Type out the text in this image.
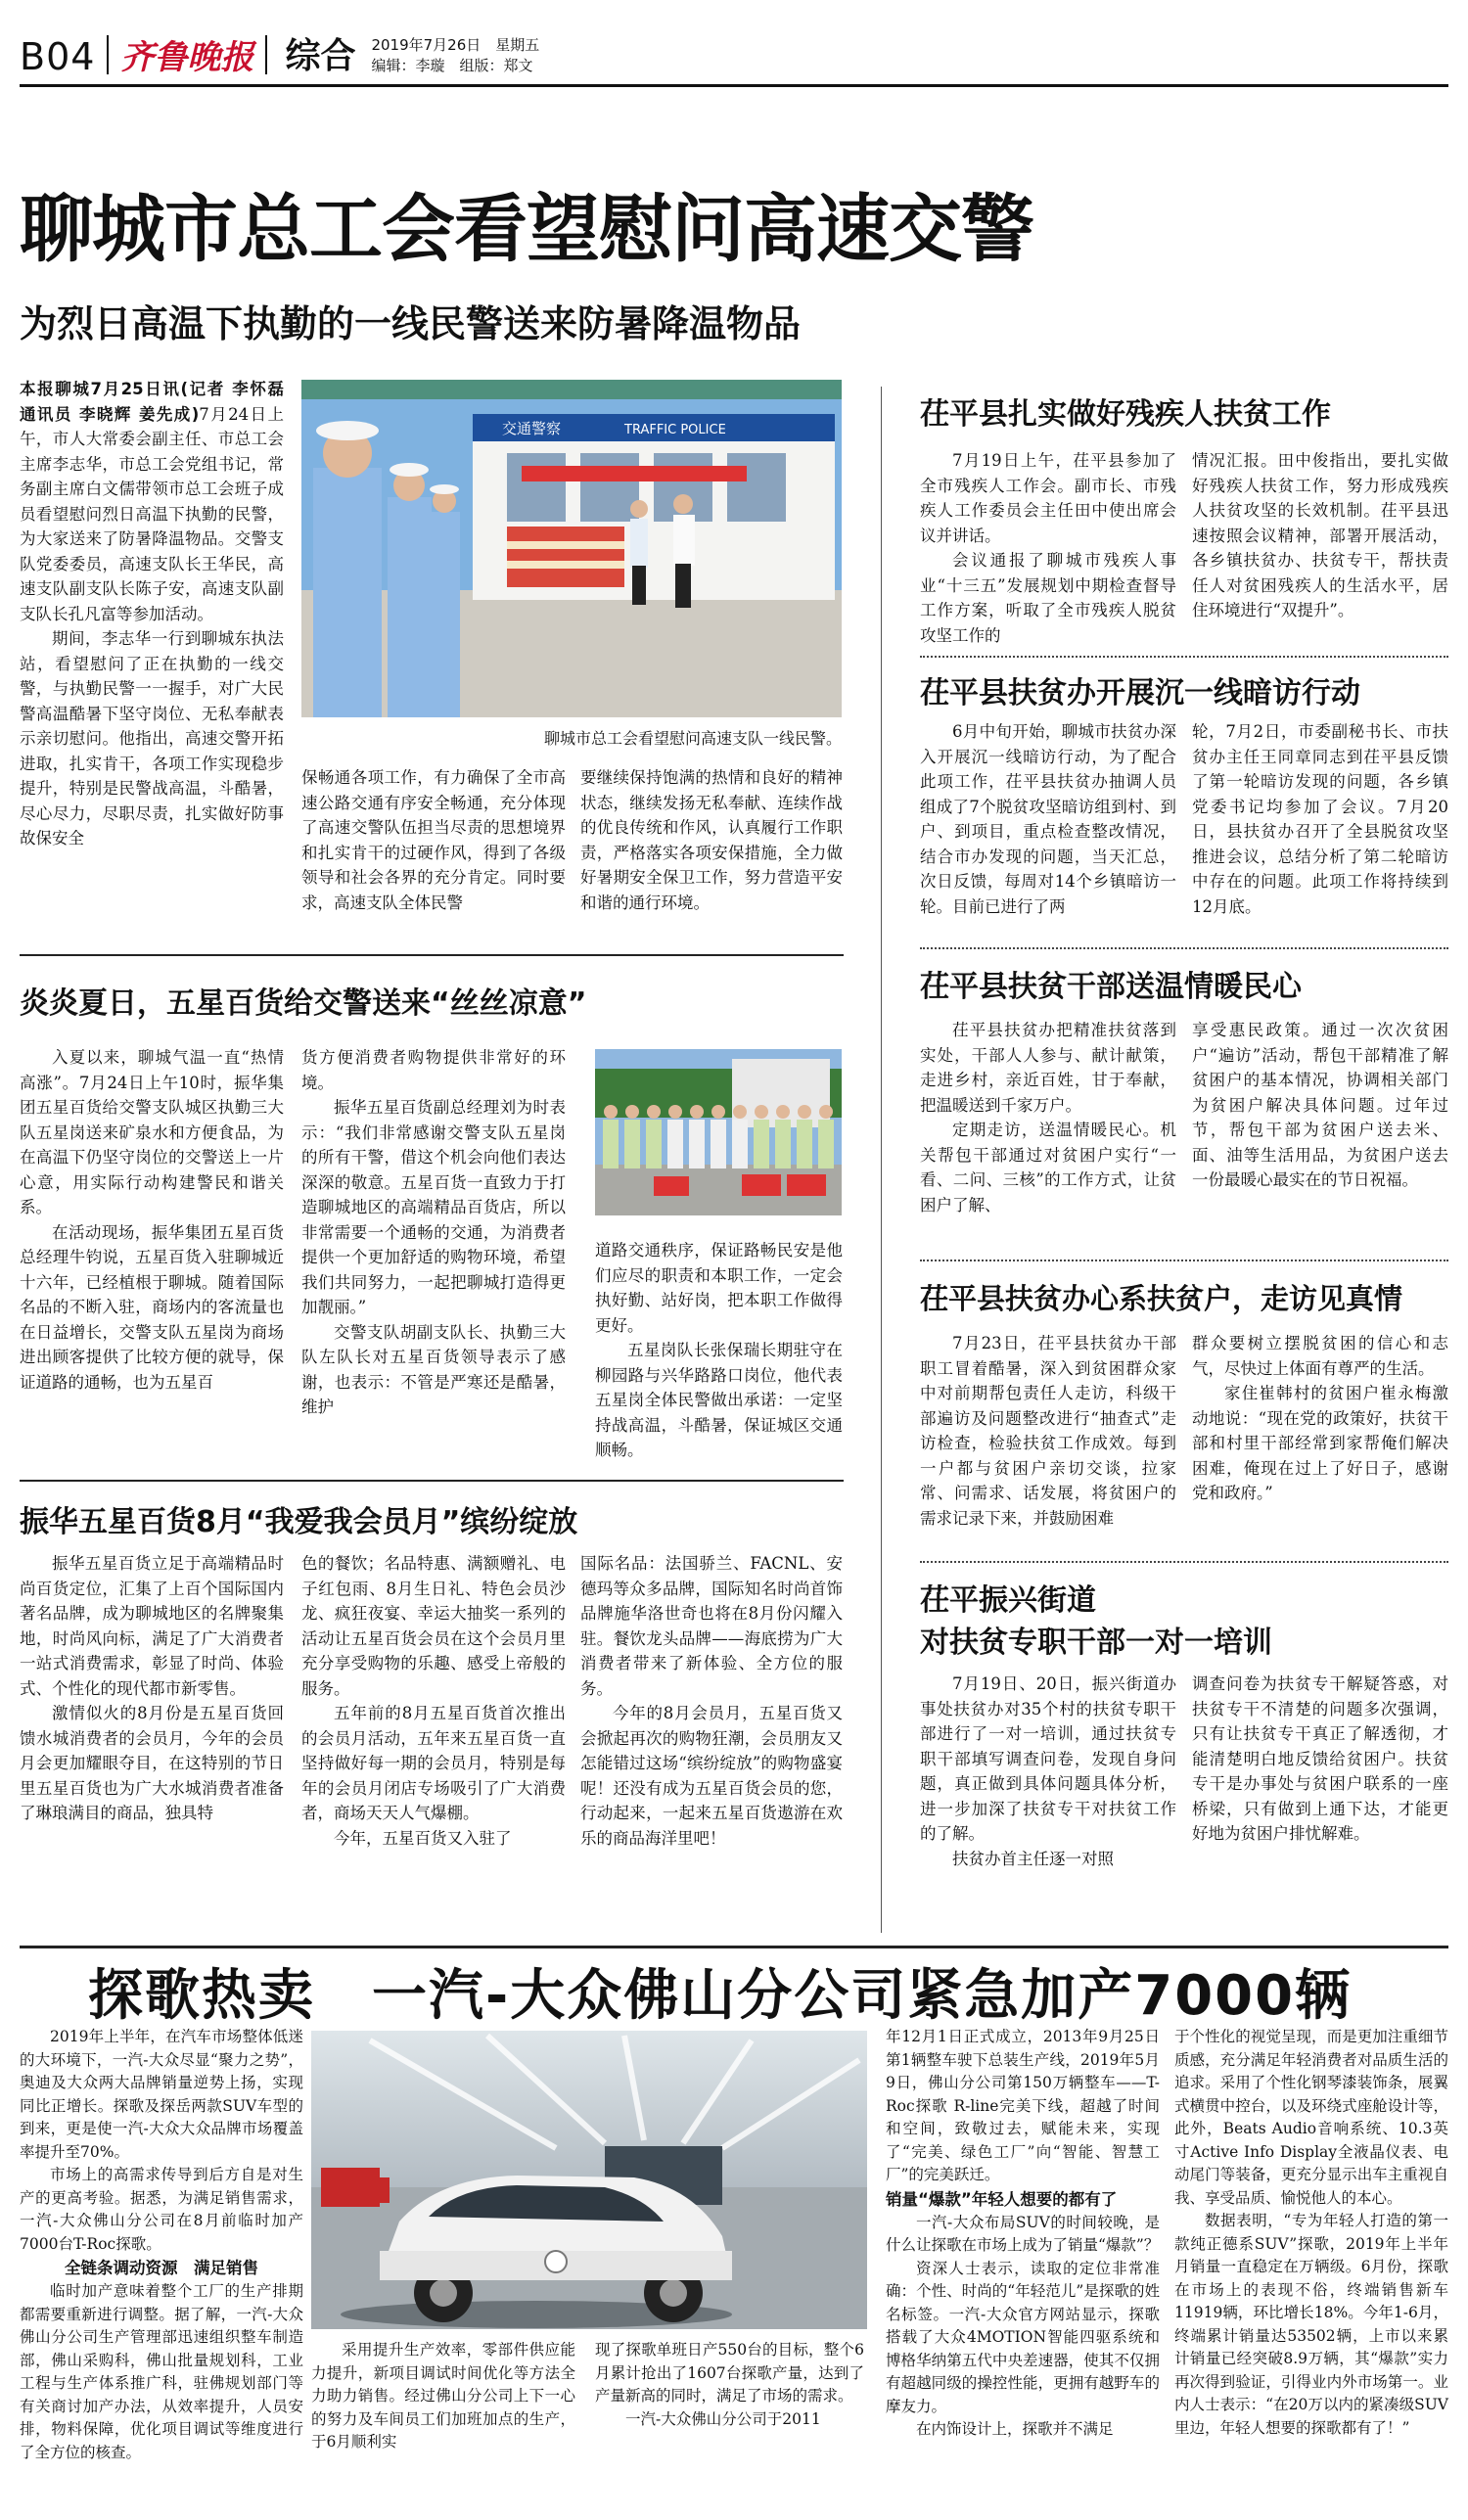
B04 齐鲁晚报 综合 2019年7月26日　星期五
编辑：李璇　组版：郑文
聊城市总工会看望慰问高速交警
为烈日高温下执勤的一线民警送来防暑降温物品
本报聊城7月25日讯(记者 李怀磊　通讯员 李晓辉 姜先成)7月24日上午，市人大常委会副主任、市总工会主席李志华，市总工会党组书记，常务副主席白文儒带领市总工会班子成员看望慰问烈日高温下执勤的民警，为大家送来了防暑降温物品。交警支队党委委员，高速支队长王华民，高速支队副支队长陈子安，高速支队副支队长孔凡富等参加活动。

期间，李志华一行到聊城东执法站，看望慰问了正在执勤的一线交警，与执勤民警一一握手，对广大民警高温酷暑下坚守岗位、无私奉献表示亲切慰问。他指出，高速交警开拓进取，扎实肯干，各项工作实现稳步提升，特别是民警战高温，斗酷暑，尽心尽力，尽职尽责，扎实做好防事故保安全

交通警察	TRAFFIC POLICE
聊城市总工会看望慰问高速支队一线民警。
保畅通各项工作，有力确保了全市高速公路交通有序安全畅通，充分体现了高速交警队伍担当尽责的思想境界和扎实肯干的过硬作风，得到了各级领导和社会各界的充分肯定。同时要求，高速支队全体民警
要继续保持饱满的热情和良好的精神状态，继续发扬无私奉献、连续作战的优良传统和作风，认真履行工作职责，严格落实各项安保措施，全力做好暑期安全保卫工作，努力营造平安和谐的通行环境。
炎炎夏日，五星百货给交警送来“丝丝凉意”

入夏以来，聊城气温一直“热情高涨”。7月24日上午10时，振华集团五星百货给交警支队城区执勤三大队五星岗送来矿泉水和方便食品，为在高温下仍坚守岗位的交警送上一片心意，用实际行动构建警民和谐关系。

在活动现场，振华集团五星百货总经理牛钧说，五星百货入驻聊城近十六年，已经植根于聊城。随着国际名品的不断入驻，商场内的客流量也在日益增长，交警支队五星岗为商场进出顾客提供了比较方便的就导，保证道路的通畅，也为五星百

货方便消费者购物提供非常好的环境。

振华五星百货副总经理刘为时表示：“我们非常感谢交警支队五星岗的所有干警，借这个机会向他们表达深深的敬意。五星百货一直致力于打造聊城地区的高端精品百货店，所以非常需要一个通畅的交通，为消费者提供一个更加舒适的购物环境，希望我们共同努力，一起把聊城打造得更加靓丽。”

交警支队胡副支队长、执勤三大队左队长对五星百货领导表示了感谢，也表示：不管是严寒还是酷暑，维护

道路交通秩序，保证路畅民安是他们应尽的职责和本职工作，一定会执好勤、站好岗，把本职工作做得更好。

五星岗队长张保瑞长期驻守在柳园路与兴华路路口岗位，他代表五星岗全体民警做出承诺：一定坚持战高温，斗酷暑，保证城区交通顺畅。

振华五星百货8月“我爱我会员月”缤纷绽放

振华五星百货立足于高端精品时尚百货定位，汇集了上百个国际国内著名品牌，成为聊城地区的名牌聚集地，时尚风向标，满足了广大消费者一站式消费需求，彰显了时尚、体验式、个性化的现代都市新零售。

激情似火的8月份是五星百货回馈水城消费者的会员月，今年的会员月会更加耀眼夺目，在这特别的节日里五星百货也为广大水城消费者准备了琳琅满目的商品，独具特

色的餐饮；名品特惠、满额赠礼、电子红包雨、8月生日礼、特色会员沙龙、疯狂夜宴、幸运大抽奖一系列的活动让五星百货会员在这个会员月里充分享受购物的乐趣、感受上帝般的服务。

五年前的8月五星百货首次推出的会员月活动，五年来五星百货一直坚持做好每一期的会员月，特别是每年的会员月闭店专场吸引了广大消费者，商场天天人气爆棚。

今年，五星百货又入驻了

国际名品：法国骄兰、FACNL、安德玛等众多品牌，国际知名时尚首饰品牌施华洛世奇也将在8月份闪耀入驻。餐饮龙头品牌——海底捞为广大消费者带来了新体验、全方位的服务。

今年的8月会员月，五星百货又会掀起再次的购物狂潮，会员朋友又怎能错过这场“缤纷绽放”的购物盛宴呢！还没有成为五星百货会员的您，行动起来，一起来五星百货遨游在欢乐的商品海洋里吧！

茌平县扎实做好残疾人扶贫工作

7月19日上午，茌平县参加了全市残疾人工作会。副市长、市残疾人工作委员会主任田中使出席会议并讲话。

会议通报了聊城市残疾人事业“十三五”发展规划中期检查督导工作方案，听取了全市残疾人脱贫攻坚工作的

情况汇报。田中俊指出，要扎实做好残疾人扶贫工作，努力形成残疾人扶贫攻坚的长效机制。茌平县迅速按照会议精神，部署开展活动，各乡镇扶贫办、扶贫专干，帮扶责任人对贫困残疾人的生活水平，居住环境进行“双提升”。
茌平县扶贫办开展沉一线暗访行动

6月中旬开始，聊城市扶贫办深入开展沉一线暗访行动，为了配合此项工作，茌平县扶贫办抽调人员组成了7个脱贫攻坚暗访组到村、到户、到项目，重点检查整改情况，结合市办发现的问题，当天汇总，次日反馈，每周对14个乡镇暗访一轮。目前已进行了两

轮，7月2日，市委副秘书长、市扶贫办主任王同章同志到茌平县反馈了第一轮暗访发现的问题，各乡镇党委书记均参加了会议。7月20日，县扶贫办召开了全县脱贫攻坚推进会议，总结分析了第二轮暗访中存在的问题。此项工作将持续到12月底。
茌平县扶贫干部送温情暖民心

茌平县扶贫办把精准扶贫落到实处，干部人人参与、献计献策，走进乡村，亲近百姓，甘于奉献，把温暖送到千家万户。

定期走访，送温情暖民心。机关帮包干部通过对贫困户实行“一看、二问、三核”的工作方式，让贫困户了解、

享受惠民政策。通过一次次贫困户“遍访”活动，帮包干部精准了解贫困户的基本情况，协调相关部门为贫困户解决具体问题。过年过节，帮包干部为贫困户送去米、面、油等生活用品，为贫困户送去一份最暖心最实在的节日祝福。
茌平县扶贫办心系扶贫户，走访见真情

7月23日，茌平县扶贫办干部职工冒着酷暑，深入到贫困群众家中对前期帮包责任人走访，科级干部遍访及问题整改进行“抽查式”走访检查，检验扶贫工作成效。每到一户都与贫困户亲切交谈，拉家常、问需求、话发展，将贫困户的需求记录下来，并鼓励困难

群众要树立摆脱贫困的信心和志气，尽快过上体面有尊严的生活。

家住崔韩村的贫困户崔永梅激动地说：“现在党的政策好，扶贫干部和村里干部经常到家帮俺们解决困难，俺现在过上了好日子，感谢党和政府。”

茌平振兴街道
对扶贫专职干部一对一培训

7月19日、20日，振兴街道办事处扶贫办对35个村的扶贫专职干部进行了一对一培训，通过扶贫专职干部填写调查问卷，发现自身问题，真正做到具体问题具体分析，进一步加深了扶贫专干对扶贫工作的了解。

扶贫办首主任逐一对照

调查问卷为扶贫专干解疑答惑，对扶贫专干不清楚的问题多次强调，只有让扶贫专干真正了解透彻，才能清楚明白地反馈给贫困户。扶贫专干是办事处与贫困户联系的一座桥梁，只有做到上通下达，才能更好地为贫困户排忧解难。
探歌热卖　一汽-大众佛山分公司紧急加产7000辆

2019年上半年，在汽车市场整体低迷的大环境下，一汽-大众尽显“聚力之势”，奥迪及大众两大品牌销量逆势上扬，实现同比正增长。探歌及探岳两款SUV车型的到来，更是使一汽-大众大众品牌市场覆盖率提升至70%。

市场上的高需求传导到后方自是对生产的更高考验。据悉，为满足销售需求，一汽-大众佛山分公司在8月前临时加产7000台T-Roc探歌。

全链条调动资源　满足销售

临时加产意味着整个工厂的生产排期都需要重新进行调整。据了解，一汽-大众佛山分公司生产管理部迅速组织整车制造部，佛山采购科，佛山批量规划科，工业工程与生产体系推广科，驻佛规划部门等有关商讨加产办法，从效率提升，人员安排，物料保障，优化项目调试等维度进行了全方位的核查。

采用提升生产效率，零部件供应能力提升，新项目调试时间优化等方法全力助力销售。经过佛山分公司上下一心的努力及车间员工们加班加点的生产，于6月顺利实

现了探歌单班日产550台的目标，整个6月累计抢出了1607台探歌产量，达到了产量新高的同时，满足了市场的需求。

一汽-大众佛山分公司于2011

年12月1日正式成立，2013年9月25日第1辆整车驶下总装生产线，2019年5月9日，佛山分公司第150万辆整车——T-Roc探歌 R-line完美下线，超越了时间和空间，致敬过去，赋能未来，实现了“完美、绿色工厂”向“智能、智慧工厂”的完美跃迁。
销量“爆款”年轻人想要的都有了

一汽-大众布局SUV的时间较晚，是什么让探歌在市场上成为了销量“爆款”？

资深人士表示，读取的定位非常准确：个性、时尚的“年轻范儿”是探歌的姓名标签。一汽-大众官方网站显示，探歌搭载了大众4MOTION智能四驱系统和博格华纳第五代中央差速器，使其不仅拥有超越同级的操控性能，更拥有越野车的摩友力。

在内饰设计上，探歌并不满足

于个性化的视觉呈现，而是更加注重细节质感，充分满足年轻消费者对品质生活的追求。采用了个性化钢琴漆装饰条，展翼式横贯中控台，以及环绕式座舱设计等，此外，Beats Audio音响系统、10.3英寸Active Info Display全液晶仪表、电动尾门等装备，更充分显示出车主重视自我、享受品质、愉悦他人的本心。

数据表明，“专为年轻人打造的第一款纯正德系SUV”探歌，2019年上半年月销量一直稳定在万辆级。6月份，探歌在市场上的表现不俗，终端销售新车11919辆，环比增长18%。今年1-6月，终端累计销量达53502辆，上市以来累计销量已经突破8.9万辆，其“爆款”实力再次得到验证，引得业内外市场第一。业内人士表示：“在20万以内的紧凑级SUV里边，年轻人想要的探歌都有了！”
